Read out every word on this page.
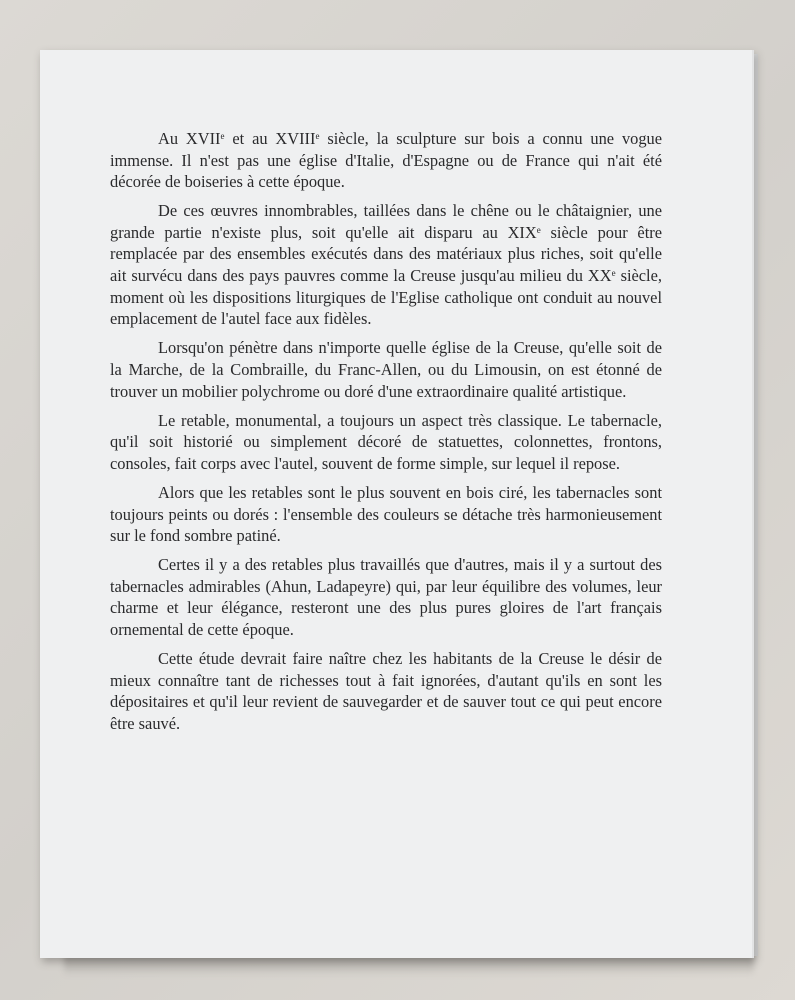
Au XVIIe et au XVIIIe siècle, la sculpture sur bois a connu une vogue immense. Il n'est pas une église d'Italie, d'Espagne ou de France qui n'ait été décorée de boiseries à cette époque.

De ces œuvres innombrables, taillées dans le chêne ou le châtaignier, une grande partie n'existe plus, soit qu'elle ait disparu au XIXe siècle pour être remplacée par des ensembles exécutés dans des matériaux plus riches, soit qu'elle ait survécu dans des pays pauvres comme la Creuse jusqu'au milieu du XXe siècle, moment où les dispositions liturgiques de l'Eglise catholique ont conduit au nouvel emplacement de l'autel face aux fidèles.

Lorsqu'on pénètre dans n'importe quelle église de la Creuse, qu'elle soit de la Marche, de la Combraille, du Franc-Allen, ou du Limousin, on est étonné de trouver un mobilier polychrome ou doré d'une extraordinaire qualité artistique.

Le retable, monumental, a toujours un aspect très classique. Le tabernacle, qu'il soit historié ou simplement décoré de statuettes, colonnettes, frontons, consoles, fait corps avec l'autel, souvent de forme simple, sur lequel il repose.

Alors que les retables sont le plus souvent en bois ciré, les tabernacles sont toujours peints ou dorés : l'ensemble des couleurs se détache très harmonieusement sur le fond sombre patiné.

Certes il y a des retables plus travaillés que d'autres, mais il y a surtout des tabernacles admirables (Ahun, Ladapeyre) qui, par leur équilibre des volumes, leur charme et leur élégance, resteront une des plus pures gloires de l'art français ornemental de cette époque.

Cette étude devrait faire naître chez les habitants de la Creuse le désir de mieux connaître tant de richesses tout à fait ignorées, d'autant qu'ils en sont les dépositaires et qu'il leur revient de sauvegarder et de sauver tout ce qui peut encore être sauvé.
